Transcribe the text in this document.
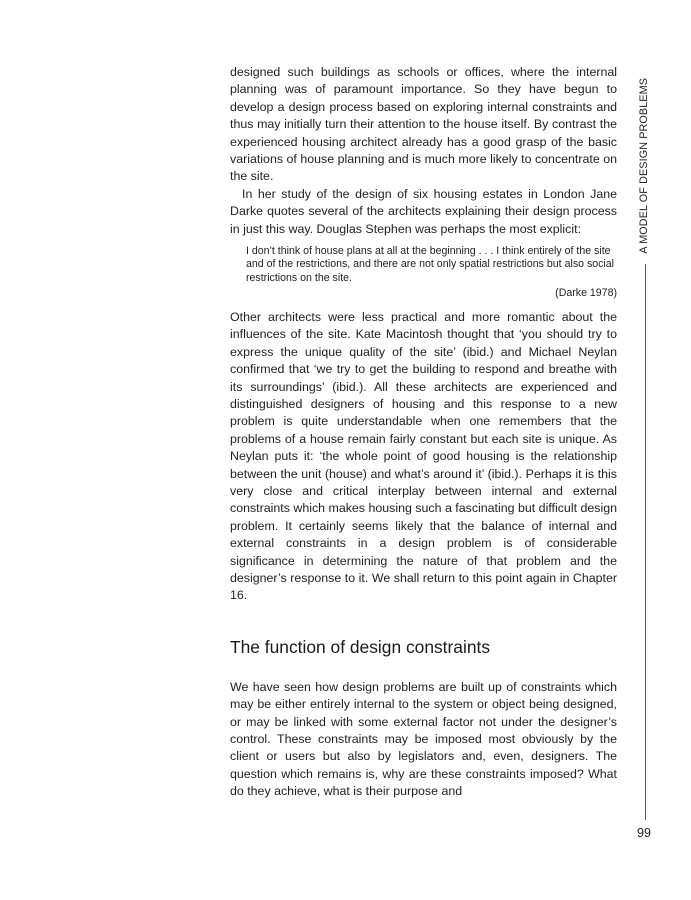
designed such buildings as schools or offices, where the internal planning was of paramount importance. So they have begun to develop a design process based on exploring internal constraints and thus may initially turn their attention to the house itself. By contrast the experienced housing architect already has a good grasp of the basic variations of house planning and is much more likely to concentrate on the site.

In her study of the design of six housing estates in London Jane Darke quotes several of the architects explaining their design process in just this way. Douglas Stephen was perhaps the most explicit:

I don’t think of house plans at all at the beginning . . . I think entirely of the site and of the restrictions, and there are not only spatial restrictions but also social restrictions on the site.

(Darke 1978)

Other architects were less practical and more romantic about the influences of the site. Kate Macintosh thought that ‘you should try to express the unique quality of the site’ (ibid.) and Michael Neylan confirmed that ‘we try to get the building to respond and breathe with its surroundings’ (ibid.). All these architects are experienced and distinguished designers of housing and this response to a new problem is quite understandable when one remembers that the problems of a house remain fairly constant but each site is unique. As Neylan puts it: ‘the whole point of good housing is the relationship between the unit (house) and what’s around it’ (ibid.). Perhaps it is this very close and critical interplay between internal and external constraints which makes housing such a fascinating but difficult design problem. It certainly seems likely that the balance of internal and external constraints in a design problem is of considerable significance in determining the nature of that problem and the designer’s response to it. We shall return to this point again in Chapter 16.

The function of design constraints

We have seen how design problems are built up of constraints which may be either entirely internal to the system or object being designed, or may be linked with some external factor not under the designer’s control. These constraints may be imposed most obviously by the client or users but also by legislators and, even, designers. The question which remains is, why are these constraints imposed? What do they achieve, what is their purpose and

A MODEL OF DESIGN PROBLEMS
99
